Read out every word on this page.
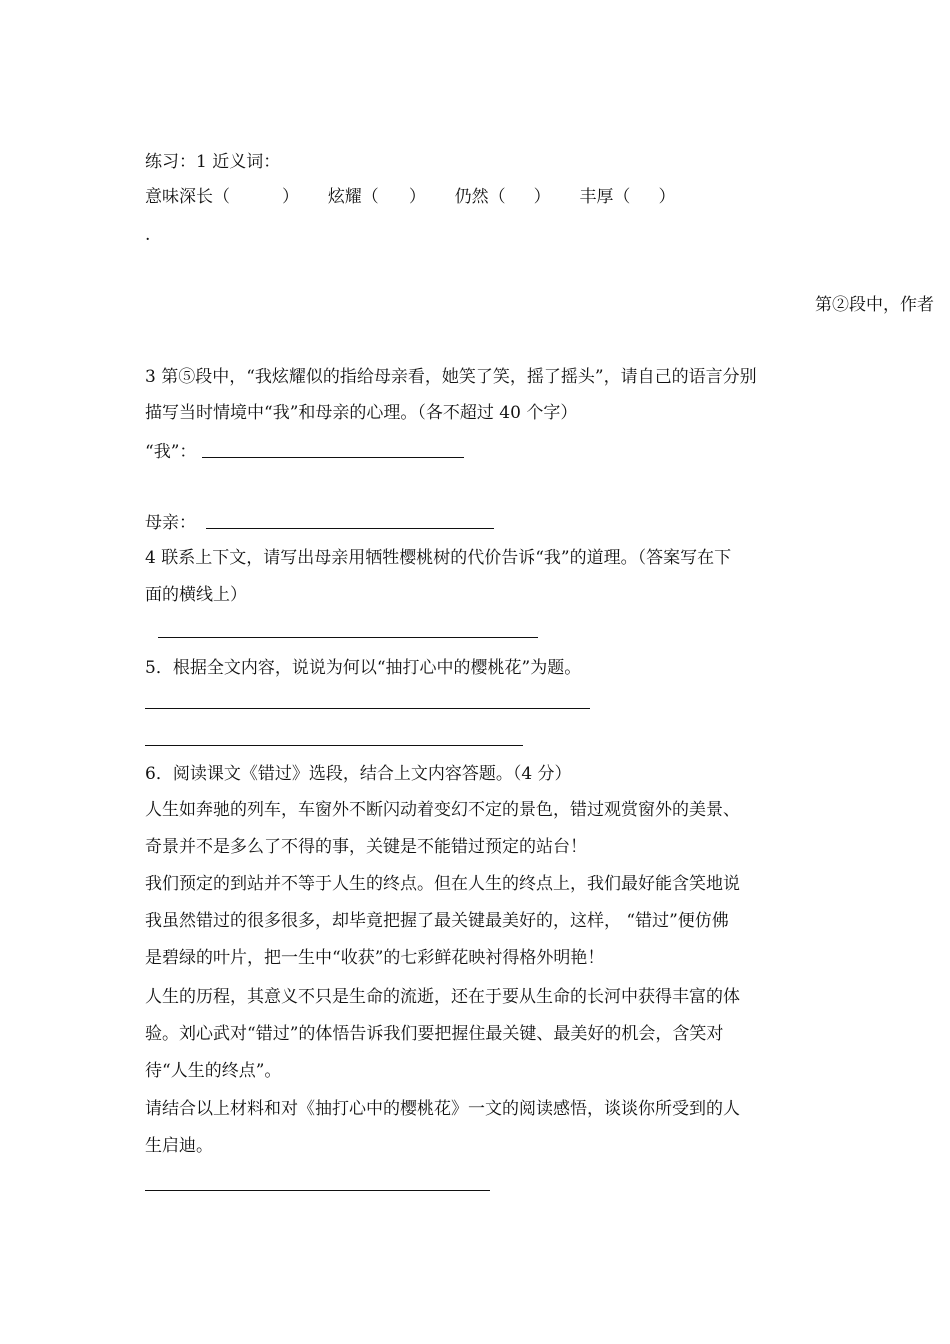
练习：1 近义词：
意味深长（	） 炫耀（ ） 仍然（ ） 丰厚（ ）
.
第②段中，作者
3 第⑤段中，“我炫耀似的指给母亲看，她笑了笑，摇了摇头”，请自己的语言分别
描写当时情境中“我”和母亲的心理。（各不超过 40 个字）
“我”：
母亲：
4 联系上下文，请写出母亲用牺牲樱桃树的代价告诉“我”的道理。（答案写在下
面的横线上）
5．根据全文内容，说说为何以“抽打心中的樱桃花”为题。
6．阅读课文《错过》选段，结合上文内容答题。（4 分）
人生如奔驰的列车，车窗外不断闪动着变幻不定的景色，错过观赏窗外的美景、
奇景并不是多么了不得的事，关键是不能错过预定的站台！
我们预定的到站并不等于人生的终点。但在人生的终点上，我们最好能含笑地说
我虽然错过的很多很多，却毕竟把握了最关键最美好的，这样， “错过”便仿佛
是碧绿的叶片，把一生中“收获”的七彩鲜花映衬得格外明艳！
人生的历程，其意义不只是生命的流逝，还在于要从生命的长河中获得丰富的体
验。刘心武对“错过”的体悟告诉我们要把握住最关键、最美好的机会，含笑对
待“人生的终点”。
请结合以上材料和对《抽打心中的樱桃花》一文的阅读感悟，谈谈你所受到的人
生启迪。
